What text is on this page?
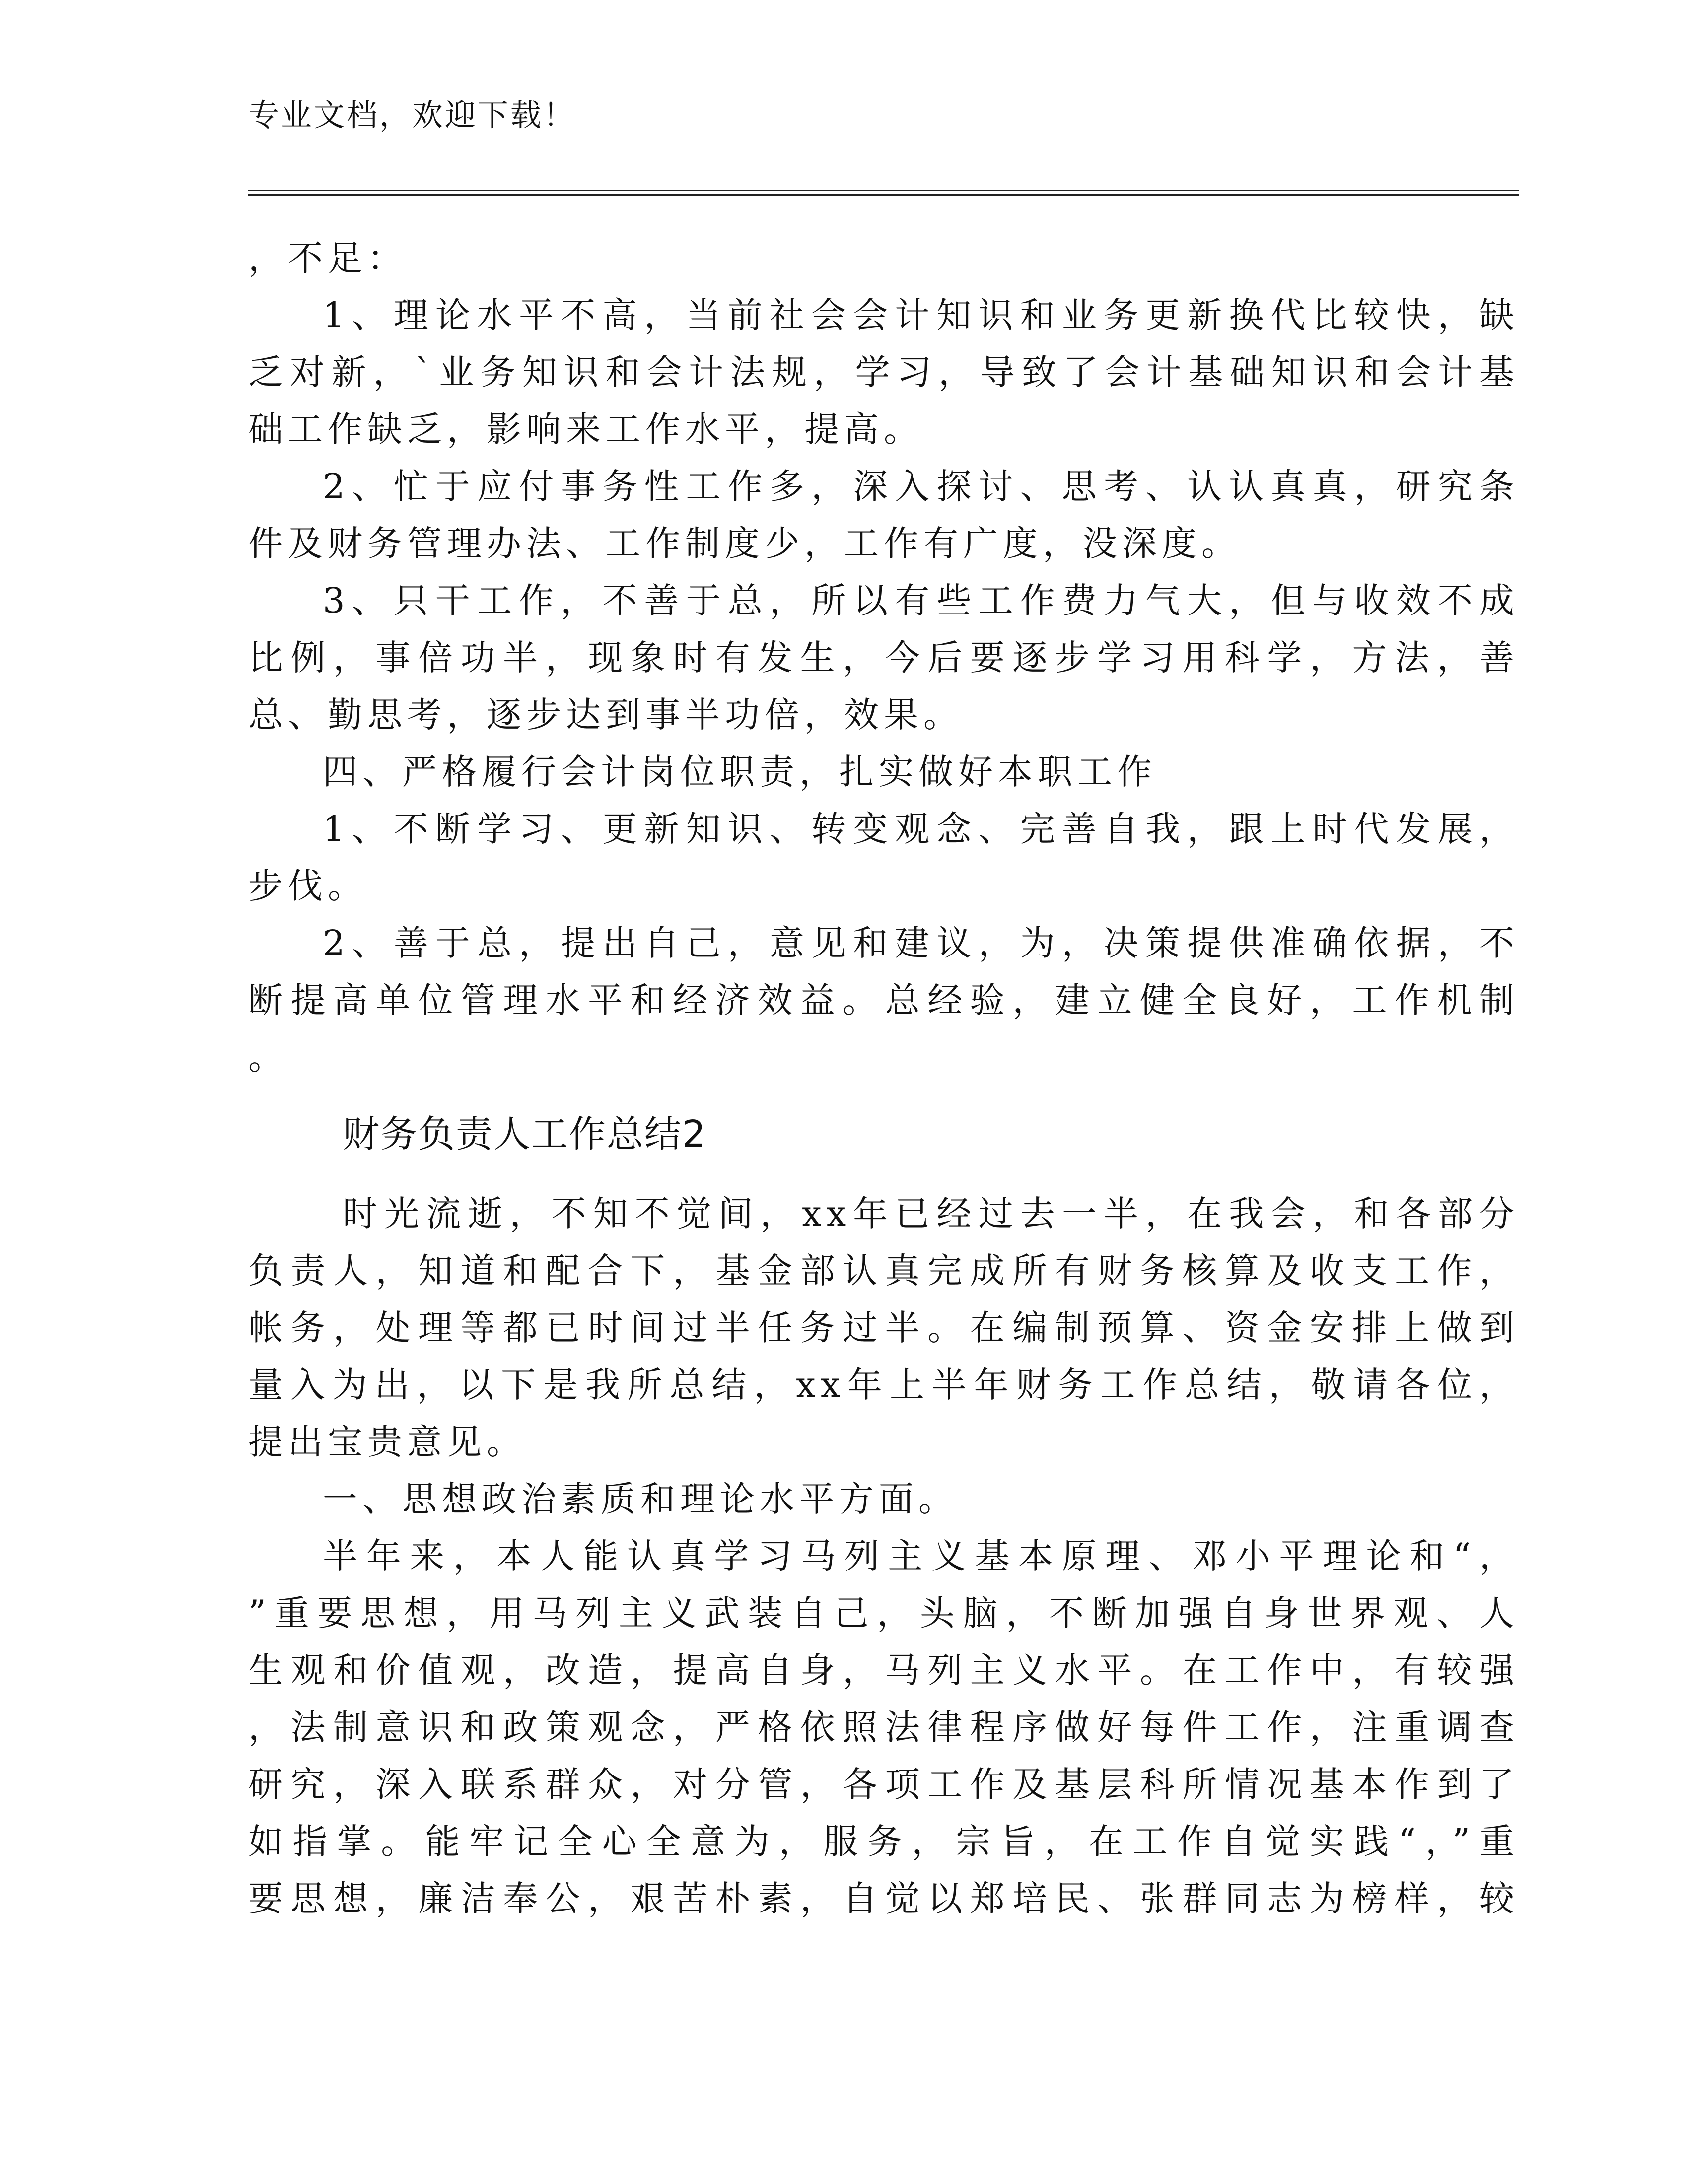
专业文档，欢迎下载！
，不足：
1、理论水平不高，当前社会会计知识和业务更新换代比较快，缺
乏对新，`业务知识和会计法规，学习，导致了会计基础知识和会计基
础工作缺乏，影响来工作水平，提高。
2、忙于应付事务性工作多，深入探讨、思考、认认真真，研究条
件及财务管理办法、工作制度少，工作有广度，没深度。
3、只干工作，不善于总，所以有些工作费力气大，但与收效不成
比例，事倍功半，现象时有发生，今后要逐步学习用科学，方法，善
总、勤思考，逐步达到事半功倍，效果。
四、严格履行会计岗位职责，扎实做好本职工作
1、不断学习、更新知识、转变观念、完善自我，跟上时代发展，
步伐。
2、善于总，提出自己，意见和建议，为，决策提供准确依据，不
断提高单位管理水平和经济效益。总经验，建立健全良好，工作机制
。
财务负责人工作总结2
时光流逝，不知不觉间，xx年已经过去一半，在我会，和各部分
负责人，知道和配合下，基金部认真完成所有财务核算及收支工作，
帐务，处理等都已时间过半任务过半。在编制预算、资金安排上做到
量入为出，以下是我所总结，xx年上半年财务工作总结，敬请各位，
提出宝贵意见。
一、思想政治素质和理论水平方面。
半年来，本人能认真学习马列主义基本原理、邓小平理论和“，
”重要思想，用马列主义武装自己，头脑，不断加强自身世界观、人
生观和价值观，改造，提高自身，马列主义水平。在工作中，有较强
，法制意识和政策观念，严格依照法律程序做好每件工作，注重调查
研究，深入联系群众，对分管，各项工作及基层科所情况基本作到了
如指掌。能牢记全心全意为，服务，宗旨，在工作自觉实践“，”重
要思想，廉洁奉公，艰苦朴素，自觉以郑培民、张群同志为榜样，较
